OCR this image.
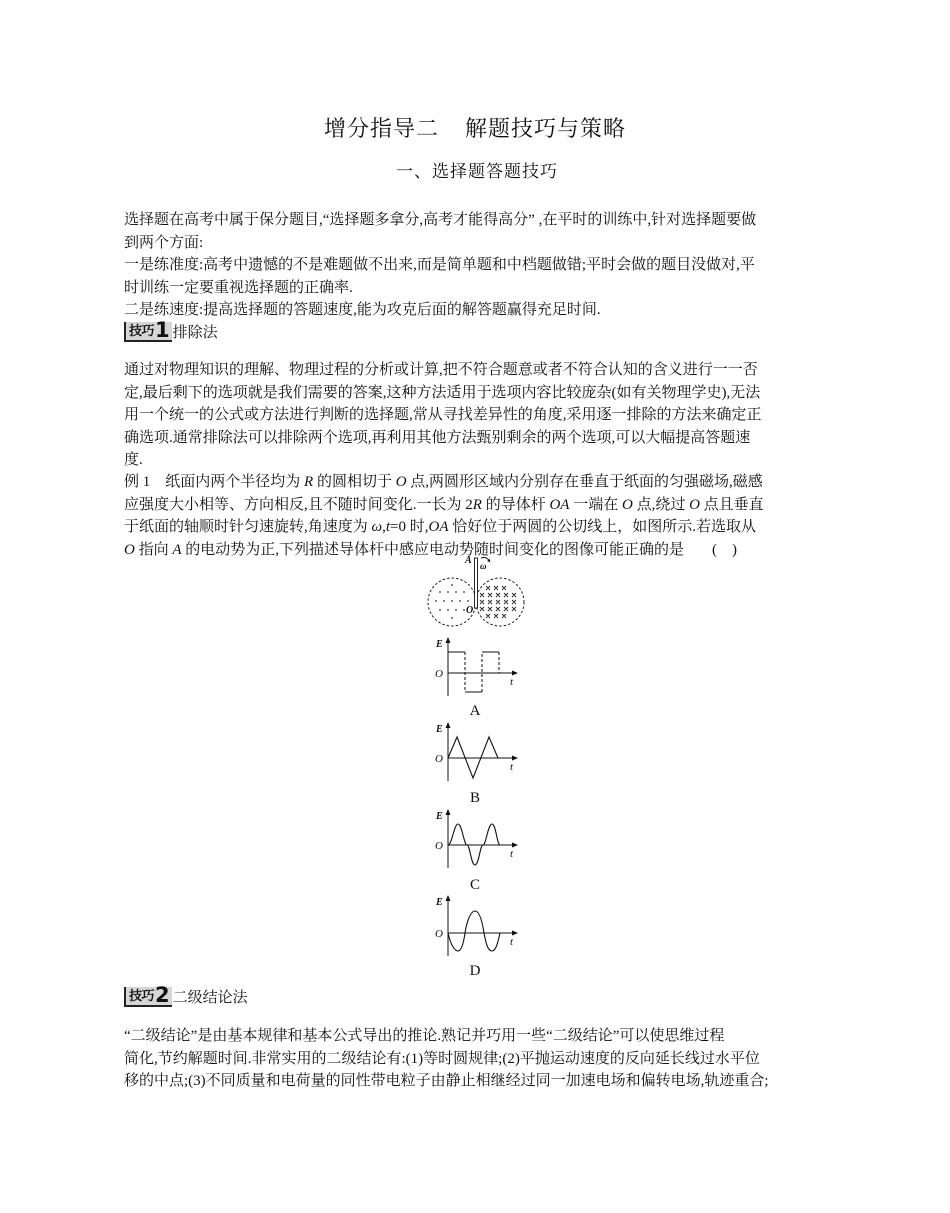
增分指导二 解题技巧与策略
一、选择题答题技巧

选择题在高考中属于保分题目,“选择题多拿分,高考才能得高分” ,在平时的训练中,针对选择题要做

到两个方面:

一是练准度:高考中遗憾的不是难题做不出来,而是简单题和中档题做错;平时会做的题目没做对,平

时训练一定要重视选择题的正确率.

二是练速度:提高选择题的答题速度,能为攻克后面的解答题赢得充足时间.

技巧 1 排除法

通过对物理知识的理解、物理过程的分析或计算,把不符合题意或者不符合认知的含义进行一一否

定,最后剩下的选项就是我们需要的答案,这种方法适用于选项内容比较庞杂(如有关物理学史),无法

用一个统一的公式或方法进行判断的选择题,常从寻找差异性的角度,采用逐一排除的方法来确定正

确选项.通常排除法可以排除两个选项,再利用其他方法甄别剩余的两个选项,可以大幅提高答题速

度.

例 1　纸面内两个半径均为 R 的圆相切于 O 点,两圆形区域内分别存在垂直于纸面的匀强磁场,磁感

应强度大小相等、方向相反,且不随时间变化.一长为 2R 的导体杆 OA 一端在 O 点,绕过 O 点且垂直

于纸面的轴顺时针匀速旋转,角速度为 ω,t=0 时,OA 恰好位于两圆的公切线上，如图所示.若选取从

O 指向 A 的电动势为正,下列描述导体杆中感应电动势随时间变化的图像可能正确的是 (　)

A ω
O
E
O
t
A
E
O
t
B
E
O
t
C
E
O
t
D
技巧 2 二级结论法

“二级结论”是由基本规律和基本公式导出的推论.熟记并巧用一些“二级结论”可以使思维过程

简化,节约解题时间.非常实用的二级结论有:(1)等时圆规律;(2)平抛运动速度的反向延长线过水平位

移的中点;(3)不同质量和电荷量的同性带电粒子由静止相继经过同一加速电场和偏转电场,轨迹重合;
